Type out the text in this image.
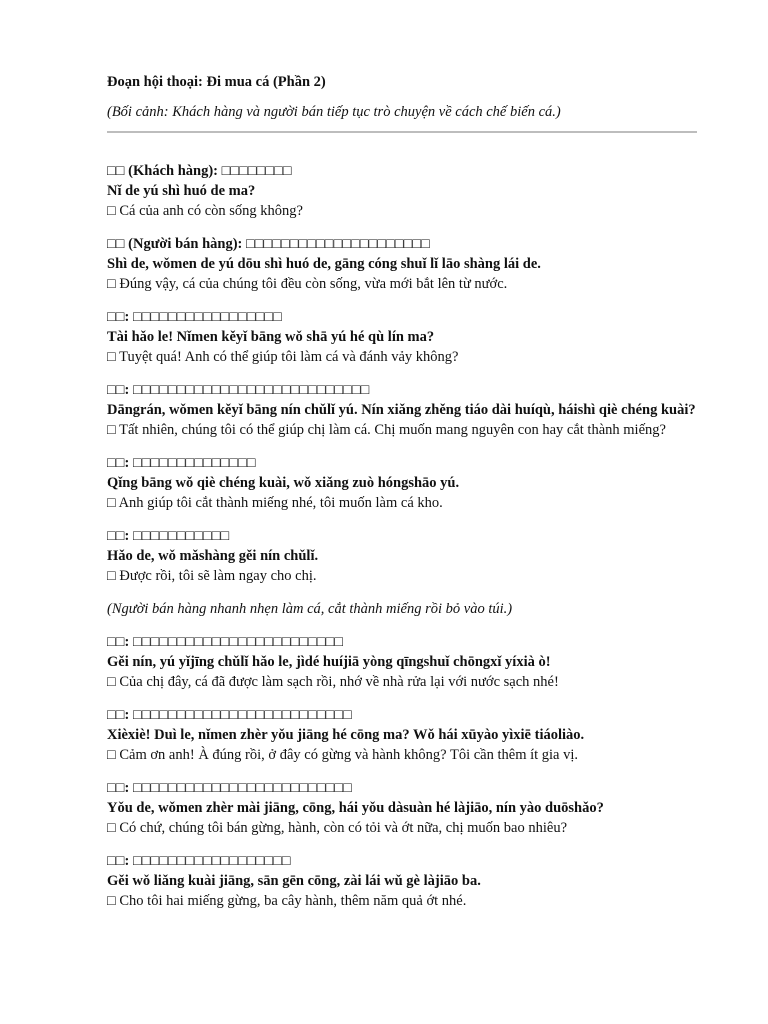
Đoạn hội thoại: Đi mua cá (Phần 2)
(Bối cảnh: Khách hàng và người bán tiếp tục trò chuyện về cách chế biến cá.)
□□ (Khách hàng): □□□□□□□□
Nǐ de yú shì huó de ma?
□ Cá của anh có còn sống không?
□□ (Người bán hàng): □□□□□□□□□□□□□□□□□□□□□
Shì de, wǒmen de yú dōu shì huó de, gāng cóng shuǐ lǐ lāo shàng lái de.
□ Đúng vậy, cá của chúng tôi đều còn sống, vừa mới bắt lên từ nước.
□□: □□□□□□□□□□□□□□□□□
Tài hǎo le! Nǐmen kěyǐ bāng wǒ shā yú hé qù lín ma?
□ Tuyệt quá! Anh có thể giúp tôi làm cá và đánh vảy không?
□□: □□□□□□□□□□□□□□□□□□□□□□□□□□□
Dāngrán, wǒmen kěyǐ bāng nín chǔlǐ yú. Nín xiǎng zhěng tiáo dài huíqù, háishì qiè chéng kuài?
□ Tất nhiên, chúng tôi có thể giúp chị làm cá. Chị muốn mang nguyên con hay cắt thành miếng?
□□: □□□□□□□□□□□□□□
Qǐng bāng wǒ qiè chéng kuài, wǒ xiǎng zuò hóngshāo yú.
□ Anh giúp tôi cắt thành miếng nhé, tôi muốn làm cá kho.
□□: □□□□□□□□□□□
Hǎo de, wǒ mǎshàng gěi nín chǔlǐ.
□ Được rồi, tôi sẽ làm ngay cho chị.
(Người bán hàng nhanh nhẹn làm cá, cắt thành miếng rồi bỏ vào túi.)
□□: □□□□□□□□□□□□□□□□□□□□□□□□
Gěi nín, yú yǐjīng chǔlǐ hǎo le, jìdé huíjiā yòng qīngshuǐ chōngxǐ yíxià ò!
□ Của chị đây, cá đã được làm sạch rồi, nhớ về nhà rửa lại với nước sạch nhé!
□□: □□□□□□□□□□□□□□□□□□□□□□□□□
Xièxiè! Duì le, nǐmen zhèr yǒu jiāng hé cōng ma? Wǒ hái xūyào yìxiē tiáoliào.
□ Cảm ơn anh! À đúng rồi, ở đây có gừng và hành không? Tôi cần thêm ít gia vị.
□□: □□□□□□□□□□□□□□□□□□□□□□□□□
Yǒu de, wǒmen zhèr mài jiāng, cōng, hái yǒu dàsuàn hé làjiāo, nín yào duōshǎo?
□ Có chứ, chúng tôi bán gừng, hành, còn có tỏi và ớt nữa, chị muốn bao nhiêu?
□□: □□□□□□□□□□□□□□□□□□
Gěi wǒ liǎng kuài jiāng, sān gēn cōng, zài lái wǔ gè làjiāo ba.
□ Cho tôi hai miếng gừng, ba cây hành, thêm năm quả ớt nhé.
